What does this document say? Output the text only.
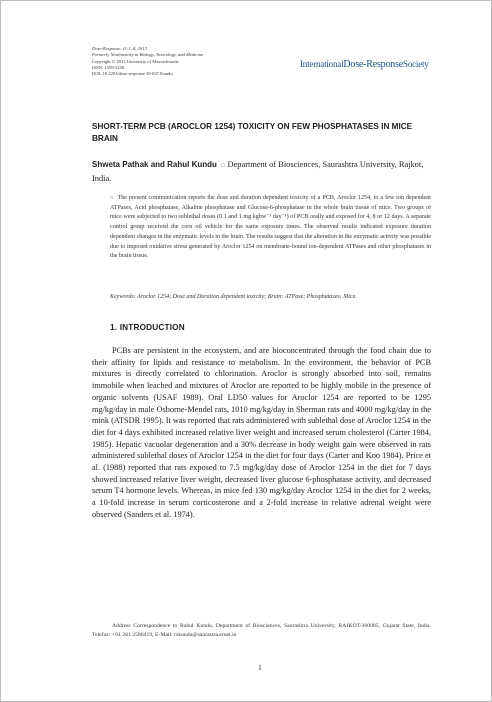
Dose-Response, 11:1–8, 2013
Formerly Nonlinearity in Biology, Toxicology, and Medicine
Copyright © 2013 University of Massachusetts
ISSN: 1559-3258
DOI: 10.2203/dose-response.10-037.Kundu
InternationalDose-ResponseSociety
SHORT-TERM PCB (AROCLOR 1254) TOXICITY ON FEW PHOSPHATASES IN MICE BRAIN
Shweta Pathak and Rahul Kundu □ Department of Biosciences, Saurashtra University, Rajkot, India.
□ The present communication reports the dose and duration dependent toxicity of a PCB, Aroclor 1254, to a few ion dependent ATPases, Acid phosphatase, Alkaline phosphatase and Glucose-6-phosphatase in the whole brain tissue of mice. Two groups of mice were subjected to two sublethal doses (0.1 and 1 mg kgbw⁻¹ day⁻¹) of PCB orally and exposed for 4, 8 or 12 days. A separate control group received the corn oil vehicle for the same exposure times. The observed results indicated exposure duration dependent changes in the enzymatic levels in the brain. The results suggest that the alteration in the enzymatic activity was possible due to imposed oxidative stress generated by Aroclor 1254 on membrane-bound ion-dependent ATPases and other phosphatases in the brain tissue.
Keywords: Aroclor 1254; Dose and Duration dependent toxicity; Brain; ATPase; Phosphatases; Mice.
1. INTRODUCTION
PCBs are persistent in the ecosystem, and are bioconcentrated through the food chain due to their affinity for lipids and resistance to metabolism. In the environment, the behavior of PCB mixtures is directly correlated to chlorination. Aroclor is strongly absorbed into soil, remains immobile when leached and mixtures of Aroclor are reported to be highly mobile in the presence of organic solvents (USAF 1989). Oral LD50 values for Aroclor 1254 are reported to be 1295 mg/kg/day in male Osborne-Mendel rats, 1010 mg/kg/day in Sherman rats and 4000 mg/kg/day in the mink (ATSDR 1995). It was reported that rats administered with sublethal dose of Aroclor 1254 in the diet for 4 days exhibited increased relative liver weight and increased serum cholesterol (Carter 1984, 1985). Hepatic vacuolar degeneration and a 30% decrease in body weight gain were observed in rats administered sublethal doses of Aroclor 1254 in the diet for four days (Carter and Koo 1984). Price et al. (1988) reported that rats exposed to 7.5 mg/kg/day dose of Aroclor 1254 in the diet for 7 days showed increased relative liver weight, decreased liver glucose 6-phosphatase activity, and decreased serum T4 hormone levels. Whereas, in mice fed 130 mg/kg/day Aroclor 1254 in the diet for 2 weeks, a 10-fold increase in serum corticosterone and a 2-fold increase in relative adrenal weight were observed (Sanders et al. 1974).
Address Correspondence to Rahul Kundu, Department of Biosciences, Saurashtra University, RAJKOT-360005, Gujarat State, India. Telefax: +91 281 2586419, E-Mail: rskundu@saurastra.ernet.in
1
